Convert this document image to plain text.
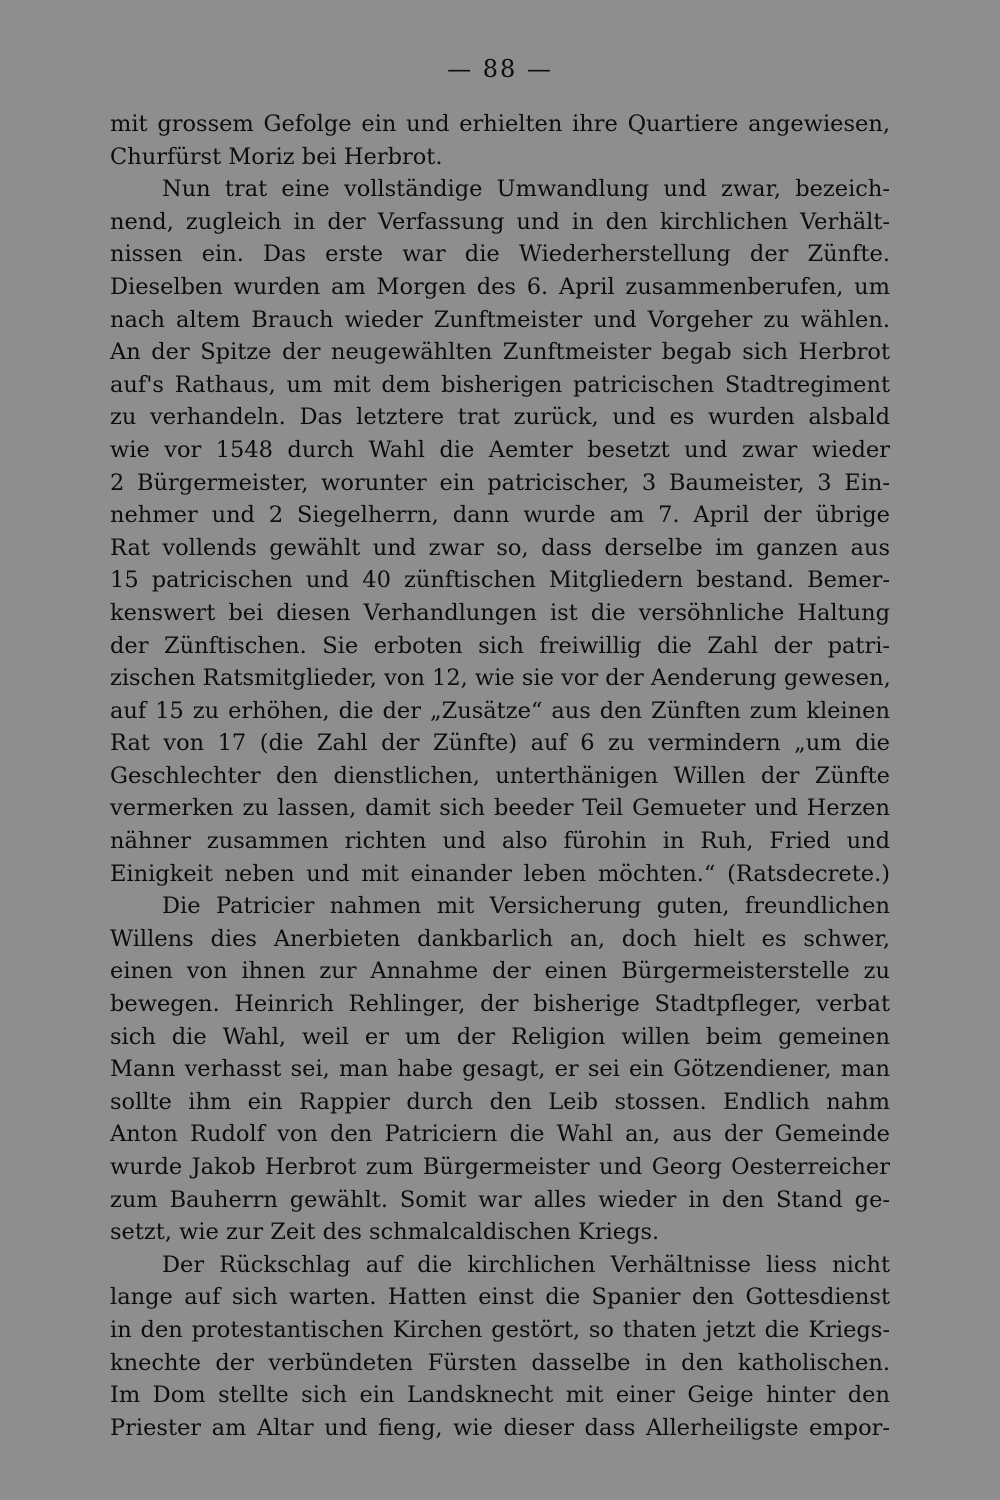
— 88 —
mit grossem Gefolge ein und erhielten ihre Quartiere angewiesen,
Churfürst Moriz bei Herbrot.
Nun trat eine vollständige Umwandlung und zwar, bezeich-
nend, zugleich in der Verfassung und in den kirchlichen Verhält-
nissen ein. Das erste war die Wiederherstellung der Zünfte.
Dieselben wurden am Morgen des 6. April zusammenberufen, um
nach altem Brauch wieder Zunftmeister und Vorgeher zu wählen.
An der Spitze der neugewählten Zunftmeister begab sich Herbrot
auf's Rathaus, um mit dem bisherigen patricischen Stadtregiment
zu verhandeln. Das letztere trat zurück, und es wurden alsbald
wie vor 1548 durch Wahl die Aemter besetzt und zwar wieder
2 Bürgermeister, worunter ein patricischer, 3 Baumeister, 3 Ein-
nehmer und 2 Siegelherrn, dann wurde am 7. April der übrige
Rat vollends gewählt und zwar so, dass derselbe im ganzen aus
15 patricischen und 40 zünftischen Mitgliedern bestand. Bemer-
kenswert bei diesen Verhandlungen ist die versöhnliche Haltung
der Zünftischen. Sie erboten sich freiwillig die Zahl der patri-
zischen Ratsmitglieder, von 12, wie sie vor der Aenderung gewesen,
auf 15 zu erhöhen, die der „Zusätze“ aus den Zünften zum kleinen
Rat von 17 (die Zahl der Zünfte) auf 6 zu vermindern „um die
Geschlechter den dienstlichen, unterthänigen Willen der Zünfte
vermerken zu lassen, damit sich beeder Teil Gemueter und Herzen
nähner zusammen richten und also fürohin in Ruh, Fried und
Einigkeit neben und mit einander leben möchten.“ (Ratsdecrete.)
Die Patricier nahmen mit Versicherung guten, freundlichen
Willens dies Anerbieten dankbarlich an, doch hielt es schwer,
einen von ihnen zur Annahme der einen Bürgermeisterstelle zu
bewegen. Heinrich Rehlinger, der bisherige Stadtpfleger, verbat
sich die Wahl, weil er um der Religion willen beim gemeinen
Mann verhasst sei, man habe gesagt, er sei ein Götzendiener, man
sollte ihm ein Rappier durch den Leib stossen. Endlich nahm
Anton Rudolf von den Patriciern die Wahl an, aus der Gemeinde
wurde Jakob Herbrot zum Bürgermeister und Georg Oesterreicher
zum Bauherrn gewählt. Somit war alles wieder in den Stand ge-
setzt, wie zur Zeit des schmalcaldischen Kriegs.
Der Rückschlag auf die kirchlichen Verhältnisse liess nicht
lange auf sich warten. Hatten einst die Spanier den Gottesdienst
in den protestantischen Kirchen gestört, so thaten jetzt die Kriegs-
knechte der verbündeten Fürsten dasselbe in den katholischen.
Im Dom stellte sich ein Landsknecht mit einer Geige hinter den
Priester am Altar und fieng, wie dieser dass Allerheiligste empor-
